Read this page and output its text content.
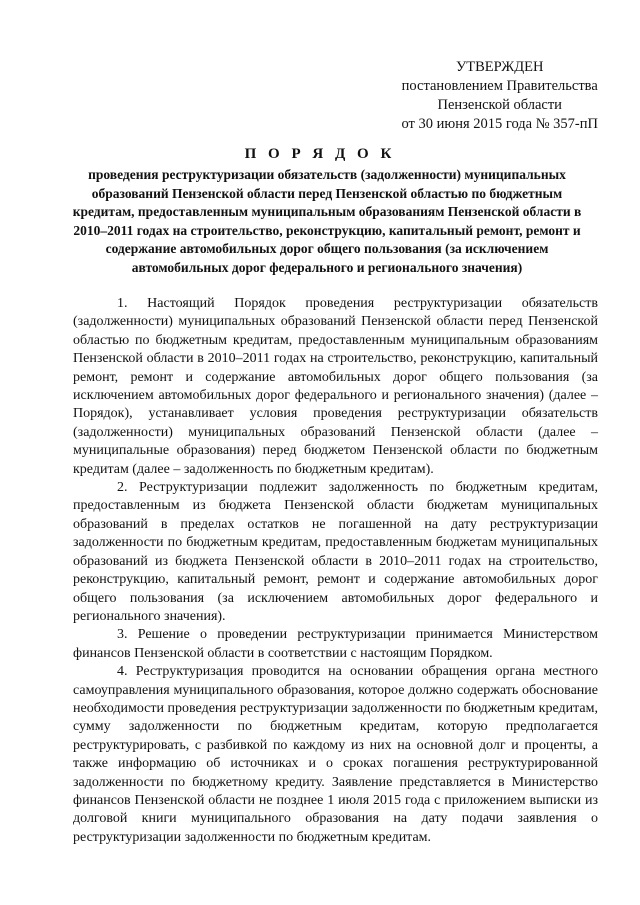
УТВЕРЖДЕН
постановлением Правительства
Пензенской области
от 30 июня 2015 года № 357-пП
П О Р Я Д О К
проведения реструктуризации обязательств (задолженности) муниципальных образований Пензенской области перед Пензенской областью по бюджетным кредитам, предоставленным муниципальным образованиям Пензенской области в 2010–2011 годах на строительство, реконструкцию, капитальный ремонт, ремонт и содержание автомобильных дорог общего пользования (за исключением автомобильных дорог федерального и регионального значения)

1. Настоящий Порядок проведения реструктуризации обязательств (задолженности) муниципальных образований Пензенской области перед Пензенской областью по бюджетным кредитам, предоставленным муниципальным образованиям Пензенской области в 2010–2011 годах на строительство, реконструкцию, капитальный ремонт, ремонт и содержание автомобильных дорог общего пользования (за исключением автомобильных дорог федерального и регионального значения) (далее – Порядок), устанавливает условия проведения реструктуризации обязательств (задолженности) муниципальных образований Пензенской области (далее – муниципальные образования) перед бюджетом Пензенской области по бюджетным кредитам (далее – задолженность по бюджетным кредитам).

2. Реструктуризации подлежит задолженность по бюджетным кредитам, предоставленным из бюджета Пензенской области бюджетам муниципальных образований в пределах остатков не погашенной на дату реструктуризации задолженности по бюджетным кредитам, предоставленным бюджетам муниципальных образований из бюджета Пензенской области в 2010–2011 годах на строительство, реконструкцию, капитальный ремонт, ремонт и содержание автомобильных дорог общего пользования (за исключением автомобильных дорог федерального и регионального значения).

3. Решение о проведении реструктуризации принимается Министерством финансов Пензенской области в соответствии с настоящим Порядком.

4. Реструктуризация проводится на основании обращения органа местного самоуправления муниципального образования, которое должно содержать обоснование необходимости проведения реструктуризации задолженности по бюджетным кредитам, сумму задолженности по бюджетным кредитам, которую предполагается реструктурировать, с разбивкой по каждому из них на основной долг и проценты, а также информацию об источниках и о сроках погашения реструктурированной задолженности по бюджетному кредиту. Заявление представляется в Министерство финансов Пензенской области не позднее 1 июля 2015 года с приложением выписки из долговой книги муниципального образования на дату подачи заявления о реструктуризации задолженности по бюджетным кредитам.
